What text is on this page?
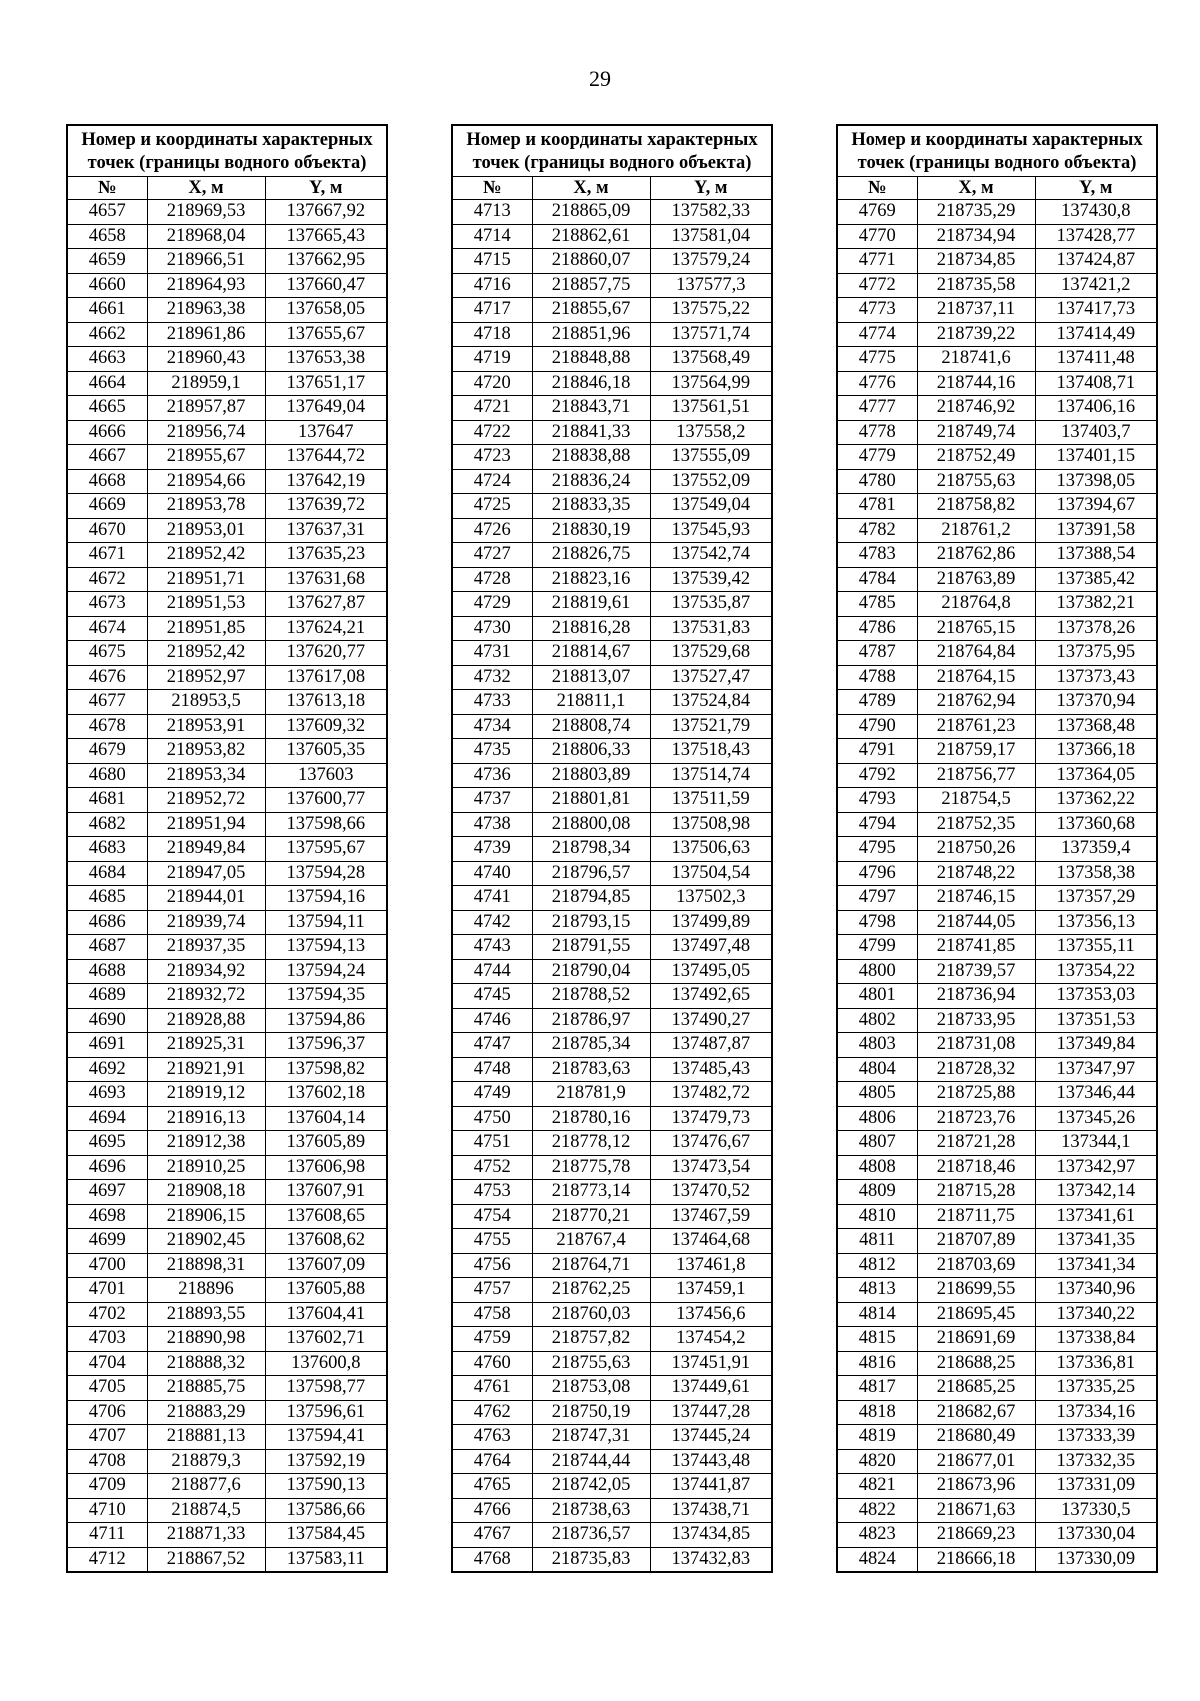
29
Номер и координаты характерных точек (границы водного объекта)		
№	X, м	Y, м
4657	218969,53	137667,92
4658	218968,04	137665,43
4659	218966,51	137662,95
4660	218964,93	137660,47
4661	218963,38	137658,05
4662	218961,86	137655,67
4663	218960,43	137653,38
4664	218959,1	137651,17
4665	218957,87	137649,04
4666	218956,74	137647
4667	218955,67	137644,72
4668	218954,66	137642,19
4669	218953,78	137639,72
4670	218953,01	137637,31
4671	218952,42	137635,23
4672	218951,71	137631,68
4673	218951,53	137627,87
4674	218951,85	137624,21
4675	218952,42	137620,77
4676	218952,97	137617,08
4677	218953,5	137613,18
4678	218953,91	137609,32
4679	218953,82	137605,35
4680	218953,34	137603
4681	218952,72	137600,77
4682	218951,94	137598,66
4683	218949,84	137595,67
4684	218947,05	137594,28
4685	218944,01	137594,16
4686	218939,74	137594,11
4687	218937,35	137594,13
4688	218934,92	137594,24
4689	218932,72	137594,35
4690	218928,88	137594,86
4691	218925,31	137596,37
4692	218921,91	137598,82
4693	218919,12	137602,18
4694	218916,13	137604,14
4695	218912,38	137605,89
4696	218910,25	137606,98
4697	218908,18	137607,91
4698	218906,15	137608,65
4699	218902,45	137608,62
4700	218898,31	137607,09
4701	218896	137605,88
4702	218893,55	137604,41
4703	218890,98	137602,71
4704	218888,32	137600,8
4705	218885,75	137598,77
4706	218883,29	137596,61
4707	218881,13	137594,41
4708	218879,3	137592,19
4709	218877,6	137590,13
4710	218874,5	137586,66
4711	218871,33	137584,45
4712	218867,52	137583,11
Номер и координаты характерных точек (границы водного объекта)		
№	X, м	Y, м
4713	218865,09	137582,33
4714	218862,61	137581,04
4715	218860,07	137579,24
4716	218857,75	137577,3
4717	218855,67	137575,22
4718	218851,96	137571,74
4719	218848,88	137568,49
4720	218846,18	137564,99
4721	218843,71	137561,51
4722	218841,33	137558,2
4723	218838,88	137555,09
4724	218836,24	137552,09
4725	218833,35	137549,04
4726	218830,19	137545,93
4727	218826,75	137542,74
4728	218823,16	137539,42
4729	218819,61	137535,87
4730	218816,28	137531,83
4731	218814,67	137529,68
4732	218813,07	137527,47
4733	218811,1	137524,84
4734	218808,74	137521,79
4735	218806,33	137518,43
4736	218803,89	137514,74
4737	218801,81	137511,59
4738	218800,08	137508,98
4739	218798,34	137506,63
4740	218796,57	137504,54
4741	218794,85	137502,3
4742	218793,15	137499,89
4743	218791,55	137497,48
4744	218790,04	137495,05
4745	218788,52	137492,65
4746	218786,97	137490,27
4747	218785,34	137487,87
4748	218783,63	137485,43
4749	218781,9	137482,72
4750	218780,16	137479,73
4751	218778,12	137476,67
4752	218775,78	137473,54
4753	218773,14	137470,52
4754	218770,21	137467,59
4755	218767,4	137464,68
4756	218764,71	137461,8
4757	218762,25	137459,1
4758	218760,03	137456,6
4759	218757,82	137454,2
4760	218755,63	137451,91
4761	218753,08	137449,61
4762	218750,19	137447,28
4763	218747,31	137445,24
4764	218744,44	137443,48
4765	218742,05	137441,87
4766	218738,63	137438,71
4767	218736,57	137434,85
4768	218735,83	137432,83
Номер и координаты характерных точек (границы водного объекта)		
№	X, м	Y, м
4769	218735,29	137430,8
4770	218734,94	137428,77
4771	218734,85	137424,87
4772	218735,58	137421,2
4773	218737,11	137417,73
4774	218739,22	137414,49
4775	218741,6	137411,48
4776	218744,16	137408,71
4777	218746,92	137406,16
4778	218749,74	137403,7
4779	218752,49	137401,15
4780	218755,63	137398,05
4781	218758,82	137394,67
4782	218761,2	137391,58
4783	218762,86	137388,54
4784	218763,89	137385,42
4785	218764,8	137382,21
4786	218765,15	137378,26
4787	218764,84	137375,95
4788	218764,15	137373,43
4789	218762,94	137370,94
4790	218761,23	137368,48
4791	218759,17	137366,18
4792	218756,77	137364,05
4793	218754,5	137362,22
4794	218752,35	137360,68
4795	218750,26	137359,4
4796	218748,22	137358,38
4797	218746,15	137357,29
4798	218744,05	137356,13
4799	218741,85	137355,11
4800	218739,57	137354,22
4801	218736,94	137353,03
4802	218733,95	137351,53
4803	218731,08	137349,84
4804	218728,32	137347,97
4805	218725,88	137346,44
4806	218723,76	137345,26
4807	218721,28	137344,1
4808	218718,46	137342,97
4809	218715,28	137342,14
4810	218711,75	137341,61
4811	218707,89	137341,35
4812	218703,69	137341,34
4813	218699,55	137340,96
4814	218695,45	137340,22
4815	218691,69	137338,84
4816	218688,25	137336,81
4817	218685,25	137335,25
4818	218682,67	137334,16
4819	218680,49	137333,39
4820	218677,01	137332,35
4821	218673,96	137331,09
4822	218671,63	137330,5
4823	218669,23	137330,04
4824	218666,18	137330,09
